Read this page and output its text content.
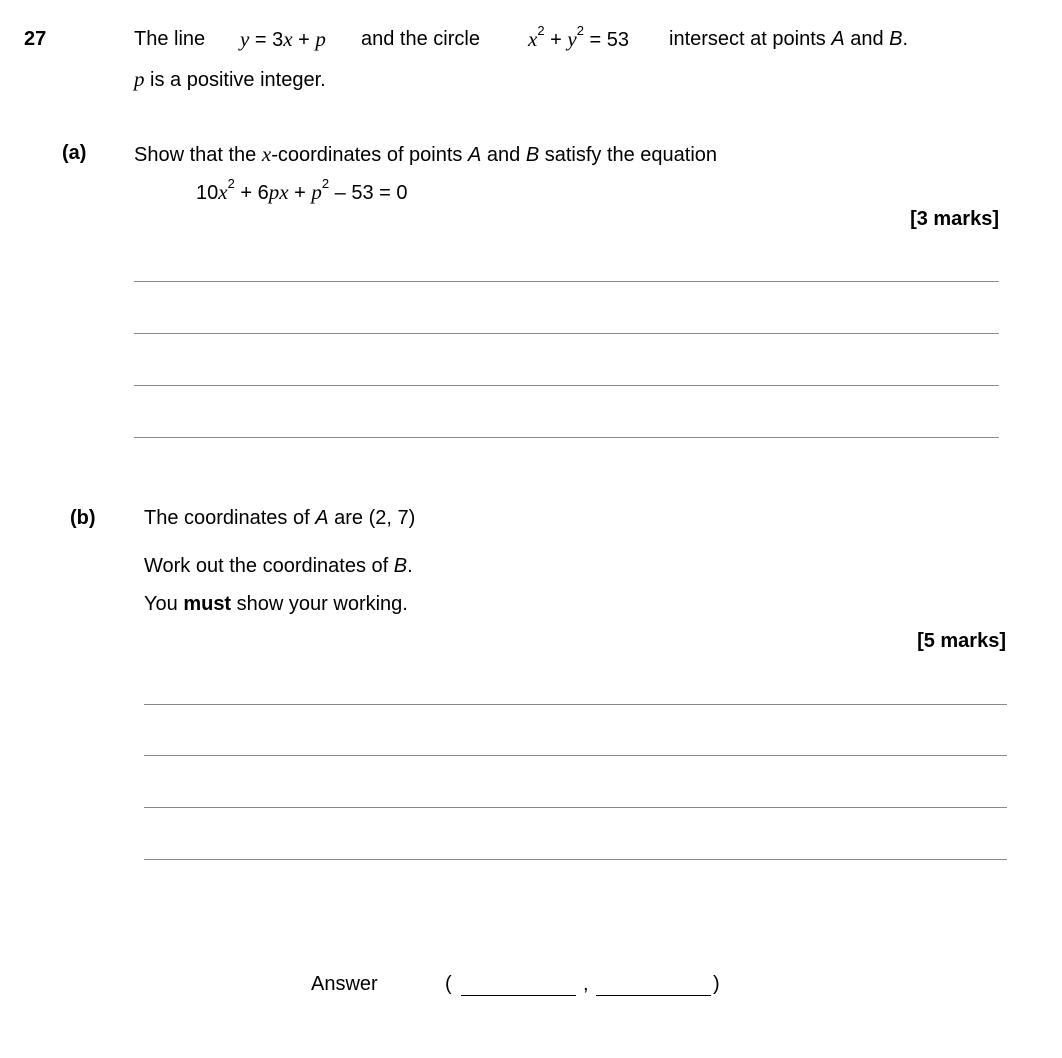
27	The line y = 3x + p and the circle $x^2 + y^2 = 53$ intersect at points A and B.
p is a positive integer.
(a) Show that the x-coordinates of points A and B satisfy the equation
$10x^2 + 6px + p^2 - 53 = 0$
[3 marks]
(b) The coordinates of A are (2, 7)
Work out the coordinates of B.
You must show your working.
[5 marks]
Answer	(	,	)
